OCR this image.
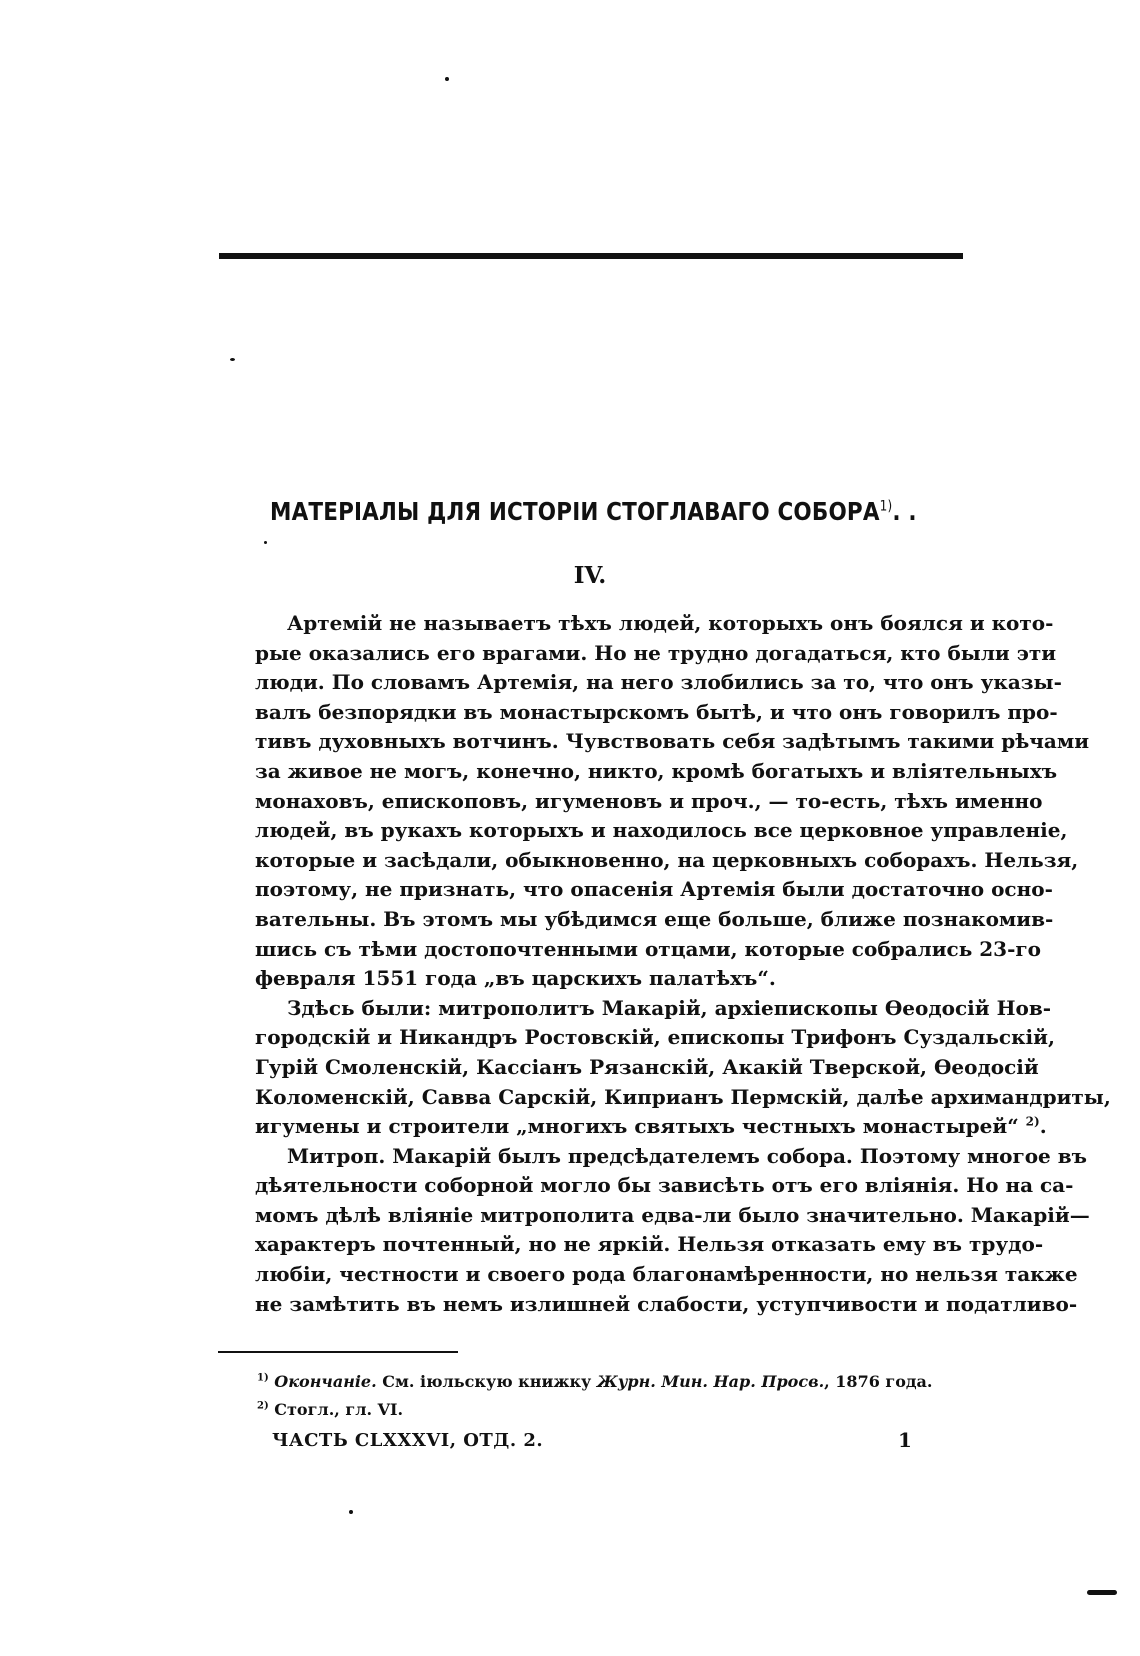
МАТЕРІАЛЫ ДЛЯ ИСТОРІИ СТОГЛАВАГО СОБОРА$^{1)}$. .
IV.
Артемій не называетъ тѣхъ людей, которыхъ онъ боялся и кото-
рые оказались его врагами. Но не трудно догадаться, кто были эти
люди. По словамъ Артемія, на него злобились за то, что онъ указы-
валъ безпорядки въ монастырскомъ бытѣ, и что онъ говорилъ про-
тивъ духовныхъ вотчинъ. Чувствовать себя задѣтымъ такими рѣчами
за живое не могъ, конечно, никто, кромѣ богатыхъ и вліятельныхъ
монаховъ, епископовъ, игуменовъ и проч., — то-есть, тѣхъ именно
людей, въ рукахъ которыхъ и находилось все церковное управленіе,
которые и засѣдали, обыкновенно, на церковныхъ соборахъ. Нельзя,
поэтому, не признать, что опасенія Артемія были достаточно осно-
вательны. Въ этомъ мы убѣдимся еще больше, ближе познакомив-
шись съ тѣми достопочтенными отцами, которые собрались 23-го
февраля 1551 года „въ царскихъ палатѣхъ“.
Здѣсь были: митрополитъ Макарій, архіепископы Ѳеодосій Нов-
городскій и Никандръ Ростовскій, епископы Трифонъ Суздальскій,
Гурій Смоленскій, Кассіанъ Рязанскій, Акакій Тверской, Ѳеодосій
Коломенскій, Савва Сарскій, Киприанъ Пермскій, далѣе архимандриты,
игумены и строители „многихъ святыхъ честныхъ монастырей“ $^{2)}$.
Митроп. Макарій былъ предсѣдателемъ собора. Поэтому многое въ
дѣятельности соборной могло бы зависѣть отъ его вліянія. Но на са-
момъ дѣлѣ вліяніе митрополита едва-ли было значительно. Макарій—
характеръ почтенный, но не яркій. Нельзя отказать ему въ трудо-
любіи, честности и своего рода благонамѣренности, но нельзя также
не замѣтить въ немъ излишней слабости, уступчивости и податливо-
$^{1)}$ Окончаніе. См. іюльскую книжку Журн. Мин. Нар. Просв., 1876 года.
$^{2)}$ Стогл., гл. VI.
ЧАСТЬ CLXXXVI, ОТД. 2.	1
